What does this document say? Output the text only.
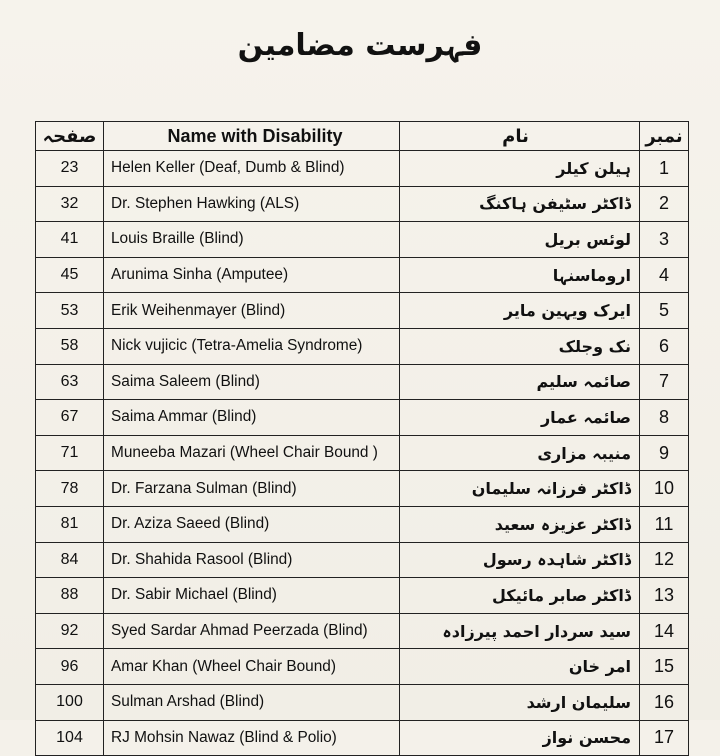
فہرست مضامین
صفحہ	Name with Disability	نام	نمبر
23	Helen Keller (Deaf, Dumb & Blind)	ہیلن کیلر	1
32	Dr. Stephen Hawking (ALS)	ڈاکٹر سٹیفن ہاکنگ	2
41	Louis Braille (Blind)	لوئس بریل	3
45	Arunima Sinha (Amputee)	اروماسنہا	4
53	Erik Weihenmayer (Blind)	ایرک ویہین مایر	5
58	Nick vujicic (Tetra-Amelia Syndrome)	نک وجلک	6
63	Saima Saleem (Blind)	صائمہ سلیم	7
67	Saima Ammar (Blind)	صائمہ عمار	8
71	Muneeba Mazari (Wheel Chair Bound )	منیبہ مزاری	9
78	Dr. Farzana Sulman (Blind)	ڈاکٹر فرزانہ سلیمان	10
81	Dr. Aziza Saeed (Blind)	ڈاکٹر عزیزہ سعید	11
84	Dr. Shahida Rasool (Blind)	ڈاکٹر شاہدہ رسول	12
88	Dr. Sabir Michael (Blind)	ڈاکٹر صابر مائیکل	13
92	Syed Sardar Ahmad Peerzada (Blind)	سید سردار احمد پیرزادہ	14
96	Amar Khan (Wheel Chair Bound)	امر خان	15
100	Sulman Arshad (Blind)	سلیمان ارشد	16
104	RJ Mohsin Nawaz (Blind & Polio)	محسن نواز	17
